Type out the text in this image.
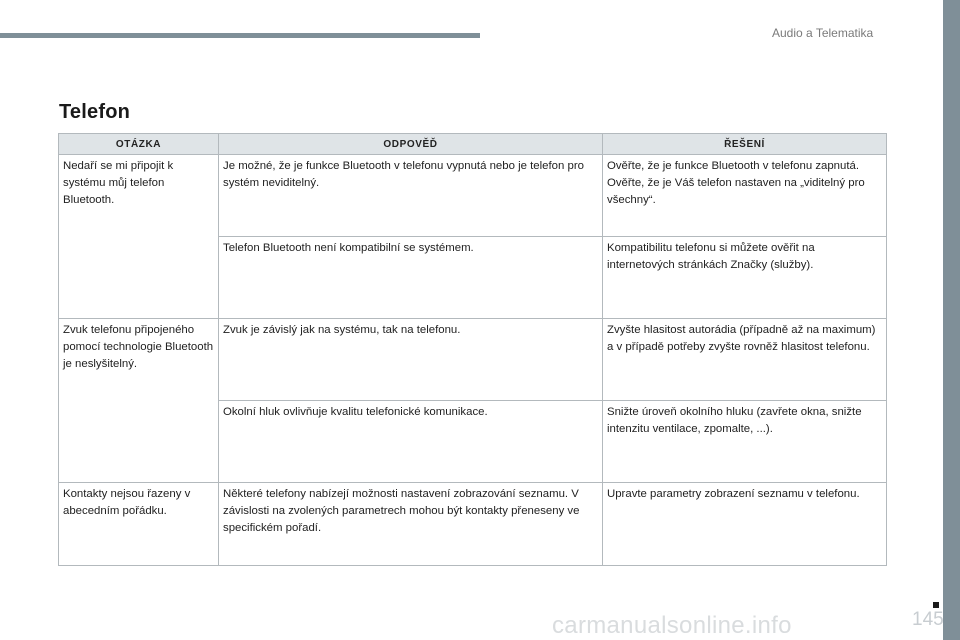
Audio a Telematika
Telefon
OTÁZKA	ODPOVĚĎ	ŘEŠENÍ
Nedaří se mi připojit k systému můj telefon Bluetooth.	Je možné, že je funkce Bluetooth v telefonu vypnutá nebo je telefon pro systém neviditelný.	Ověřte, že je funkce Bluetooth v telefonu zapnutá. Ověřte, že je Váš telefon nastaven na „viditelný pro všechny“.
	Telefon Bluetooth není kompatibilní se systémem.	Kompatibilitu telefonu si můžete ověřit na internetových stránkách Značky (služby).
Zvuk telefonu připojeného pomocí technologie Bluetooth je neslyšitelný.	Zvuk je závislý jak na systému, tak na telefonu.	Zvyšte hlasitost autorádia (případně až na maximum) a v případě potřeby zvyšte rovněž hlasitost telefonu.
	Okolní hluk ovlivňuje kvalitu telefonické komunikace.	Snižte úroveň okolního hluku (zavřete okna, snižte intenzitu ventilace, zpomalte, ...).
Kontakty nejsou řazeny v abecedním pořádku.	Některé telefony nabízejí možnosti nastavení zobrazování seznamu. V závislosti na zvolených parametrech mohou být kontakty přeneseny ve specifickém pořadí.	Upravte parametry zobrazení seznamu v telefonu.
carmanualsonline.info	145
